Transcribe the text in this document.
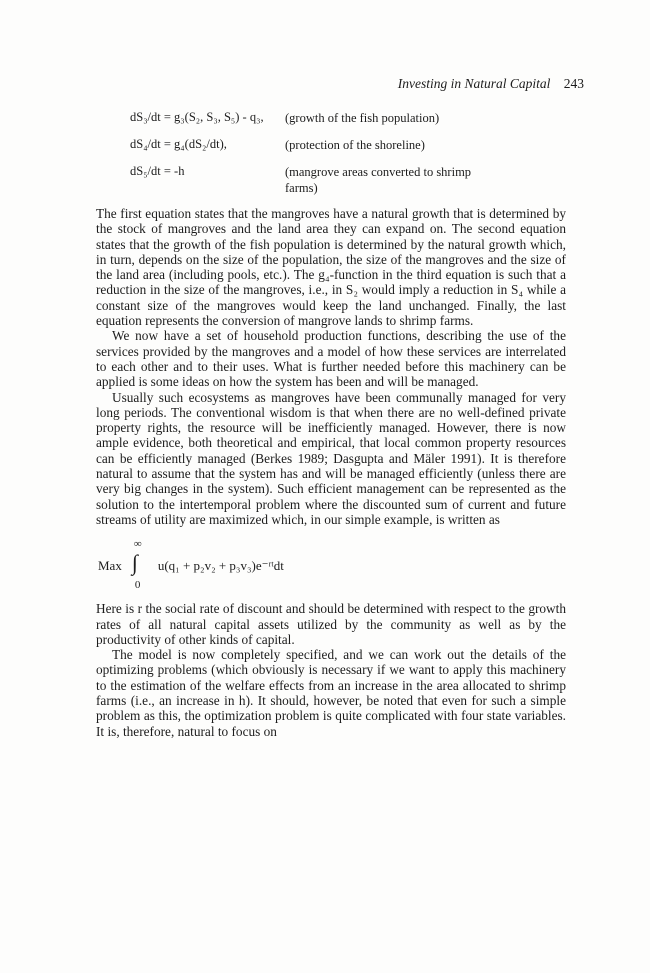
Investing in Natural Capital 243
dS₃/dt = g₃(S₂, S₃, S₅) - q₃,	(growth of the fish population)
dS₄/dt = g₄(dS₂/dt),	(protection of the shoreline)
dS₅/dt = -h	(mangrove areas converted to shrimp farms)

The first equation states that the mangroves have a natural growth that is determined by the stock of mangroves and the land area they can expand on. The second equation states that the growth of the fish population is determined by the natural growth which, in turn, depends on the size of the population, the size of the mangroves and the size of the land area (including pools, etc.). The g₄-function in the third equation is such that a reduction in the size of the mangroves, i.e., in S₂ would imply a reduction in S₄ while a constant size of the mangroves would keep the land unchanged. Finally, the last equation represents the conversion of mangrove lands to shrimp farms.

We now have a set of household production functions, describing the use of the services provided by the mangroves and a model of how these services are interrelated to each other and to their uses. What is further needed before this machinery can be applied is some ideas on how the system has been and will be managed.

Usually such ecosystems as mangroves have been communally managed for very long periods. The conventional wisdom is that when there are no well-defined private property rights, the resource will be inefficiently managed. However, there is now ample evidence, both theoretical and empirical, that local common property resources can be efficiently managed (Berkes 1989; Dasgupta and Mäler 1991). It is therefore natural to assume that the system has and will be managed efficiently (unless there are very big changes in the system). Such efficient management can be represented as the solution to the intertemporal problem where the discounted sum of current and future streams of utility are maximized which, in our simple example, is written as

Max
∞
∫
0
u(q₁ + p₂v₂ + p₃v₃)e⁻ʳᵗdt

Here is r the social rate of discount and should be determined with respect to the growth rates of all natural capital assets utilized by the community as well as by the productivity of other kinds of capital.

The model is now completely specified, and we can work out the details of the optimizing problems (which obviously is necessary if we want to apply this machinery to the estimation of the welfare effects from an increase in the area allocated to shrimp farms (i.e., an increase in h). It should, however, be noted that even for such a simple problem as this, the optimization problem is quite complicated with four state variables. It is, therefore, natural to focus on
